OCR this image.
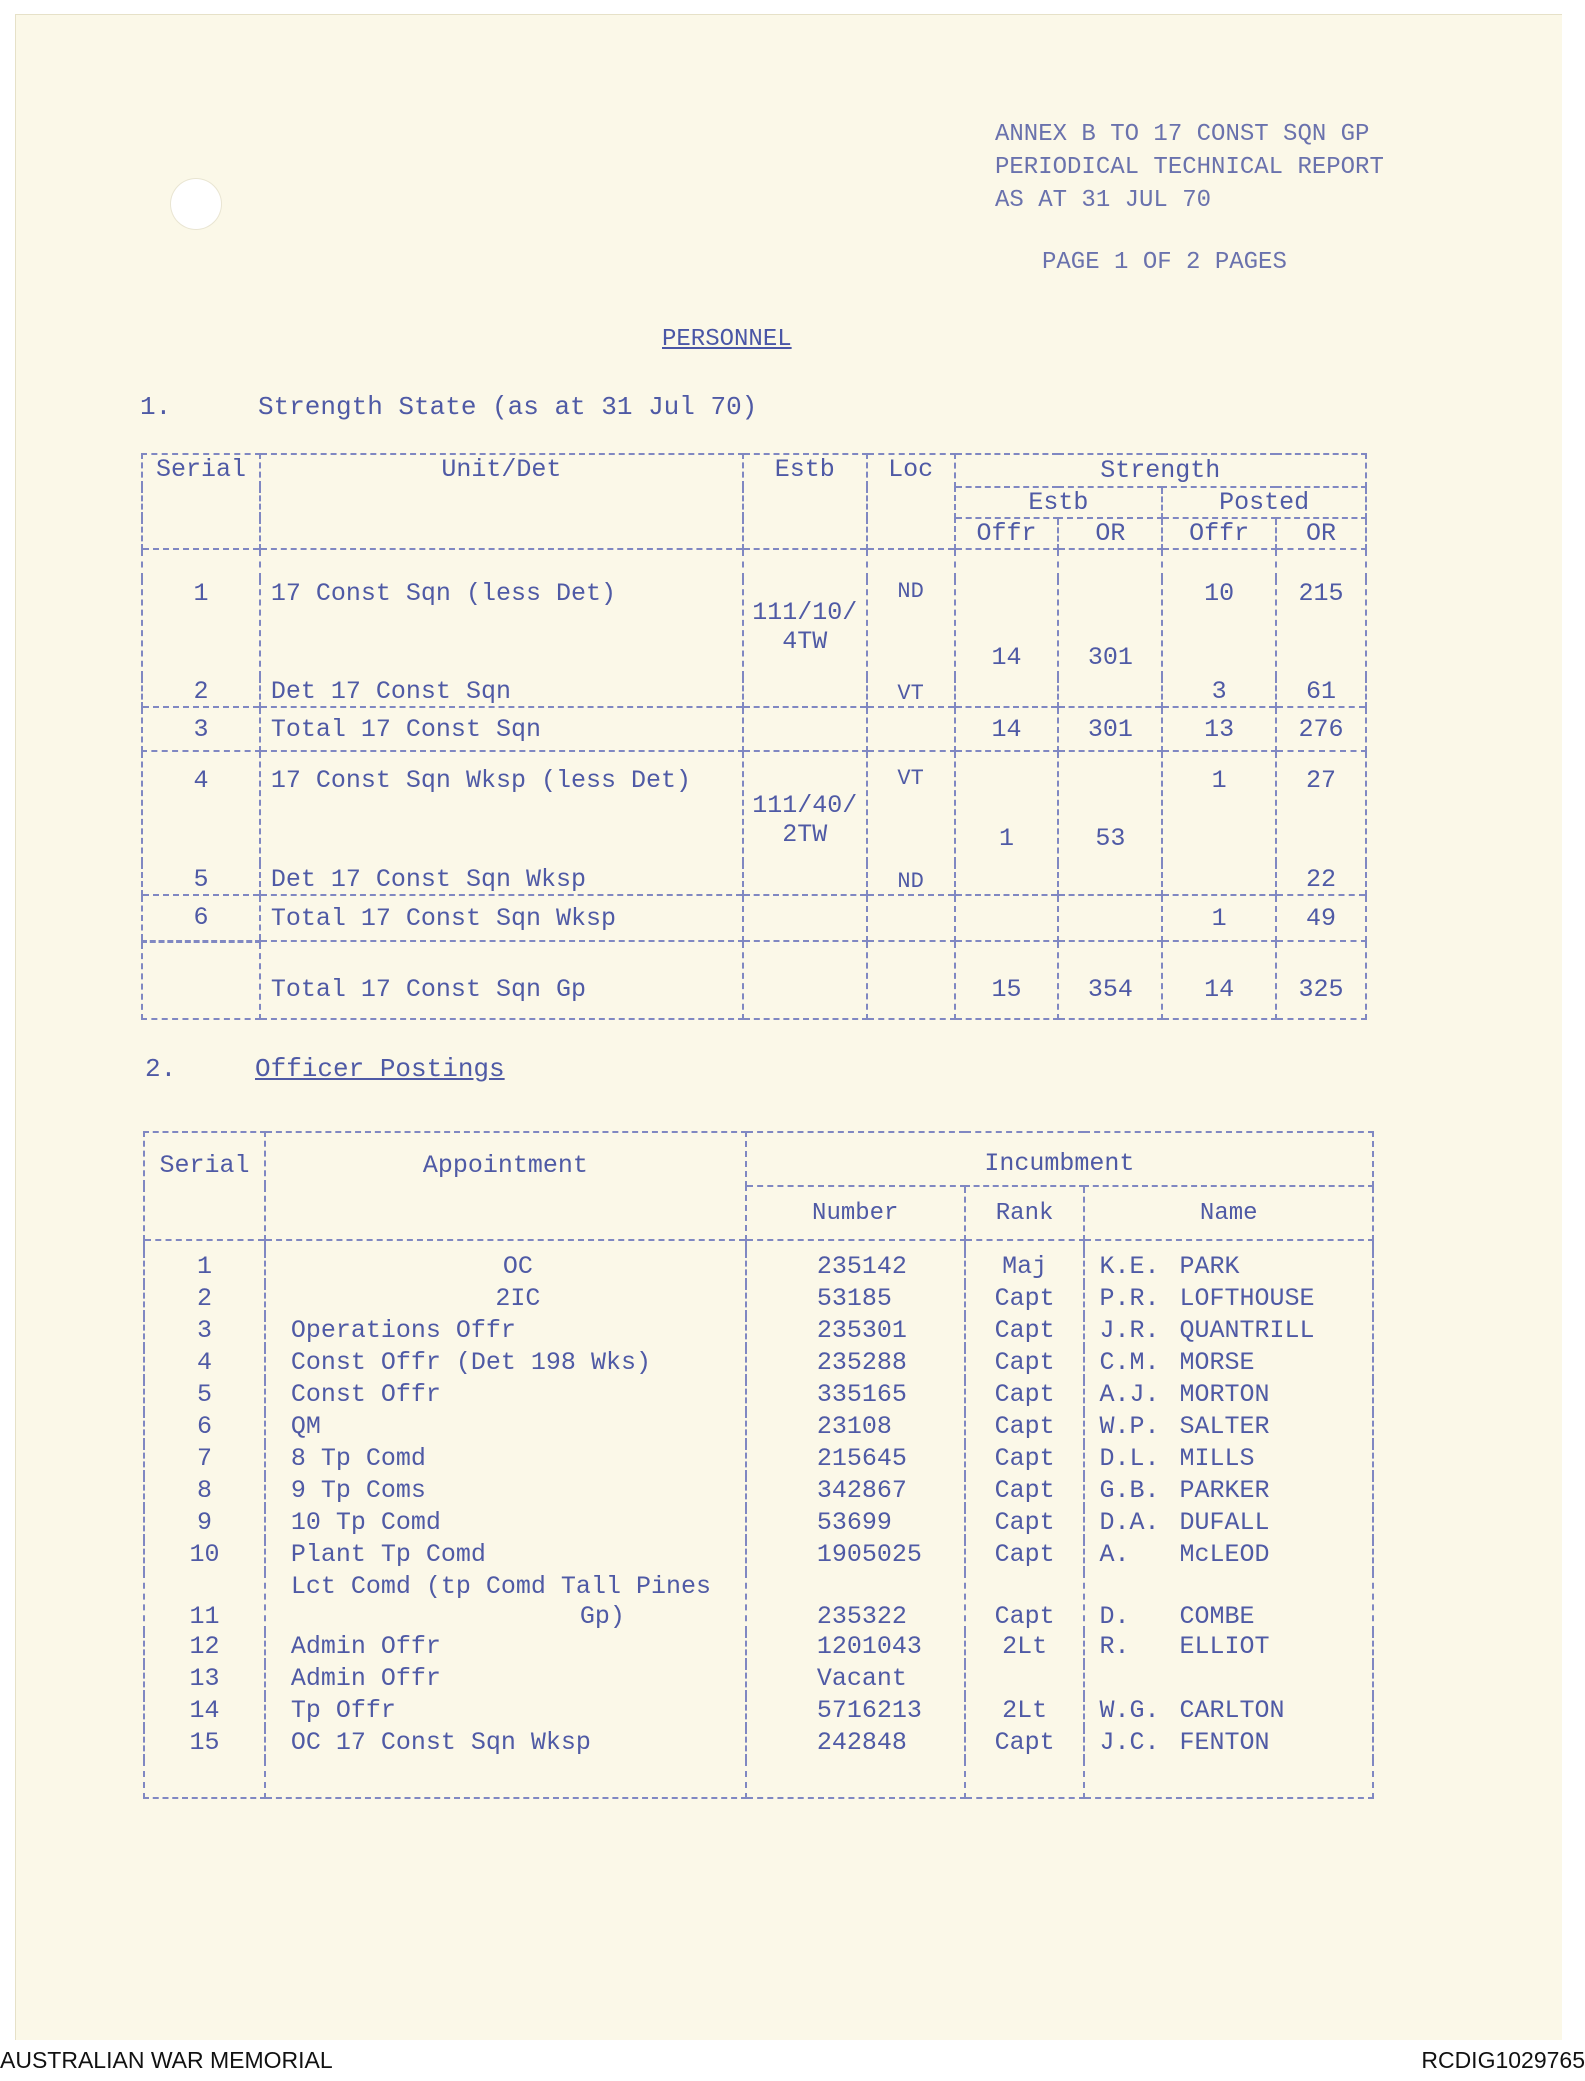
ANNEX B TO 17 CONST SQN GP
PERIODICAL TECHNICAL REPORT
AS AT 31 JUL 70
PAGE 1 OF 2 PAGES
PERSONNEL
1.	Strength State (as at 31 Jul 70)
Serial	Unit/Det	Estb	Loc	Strength			
				Estb		Posted	
				Offr	OR	Offr	OR

1	17 Const Sqn (less Det)	111/10/ 4TW	ND	14	301	10	215
2	Det 17 Const Sqn		VT			3	61
3	Total 17 Const Sqn			14	301	13	276
4	17 Const Sqn Wksp (less Det)	111/40/ 2TW	VT	1	53	1	27
5	Det 17 Const Sqn Wksp		ND				22
6	Total 17 Const Sqn Wksp					1	49
	Total 17 Const Sqn Gp			15	354	14	325
2.	Officer Postings
Serial	Appointment	Incumbment		
		Number	Rank	Name

1	OC	235142	Maj	K.E. PARK
2	2IC	53185	Capt	P.R. LOFTHOUSE
3	Operations Offr	235301	Capt	J.R. QUANTRILL
4	Const Offr (Det 198 Wks)	235288	Capt	C.M. MORSE
5	Const Offr	335165	Capt	A.J. MORTON
6	QM	23108	Capt	W.P. SALTER
7	8 Tp Comd	215645	Capt	D.L. MILLS
8	9 Tp Coms	342867	Capt	G.B. PARKER
9	10 Tp Comd	53699	Capt	D.A. DUFALL
10	Plant Tp Comd	1905025	Capt	A. McLEOD
11	Lct Comd (tp Comd Tall Pines
Gp)	235322	Capt	D. COMBE
12	Admin Offr	1201043	2Lt	R. ELLIOT
13	Admin Offr	Vacant		
14	Tp Offr	5716213	2Lt	W.G. CARLTON
15	OC 17 Const Sqn Wksp	242848	Capt	J.C. FENTON

AUSTRALIAN WAR MEMORIAL	RCDIG1029765
